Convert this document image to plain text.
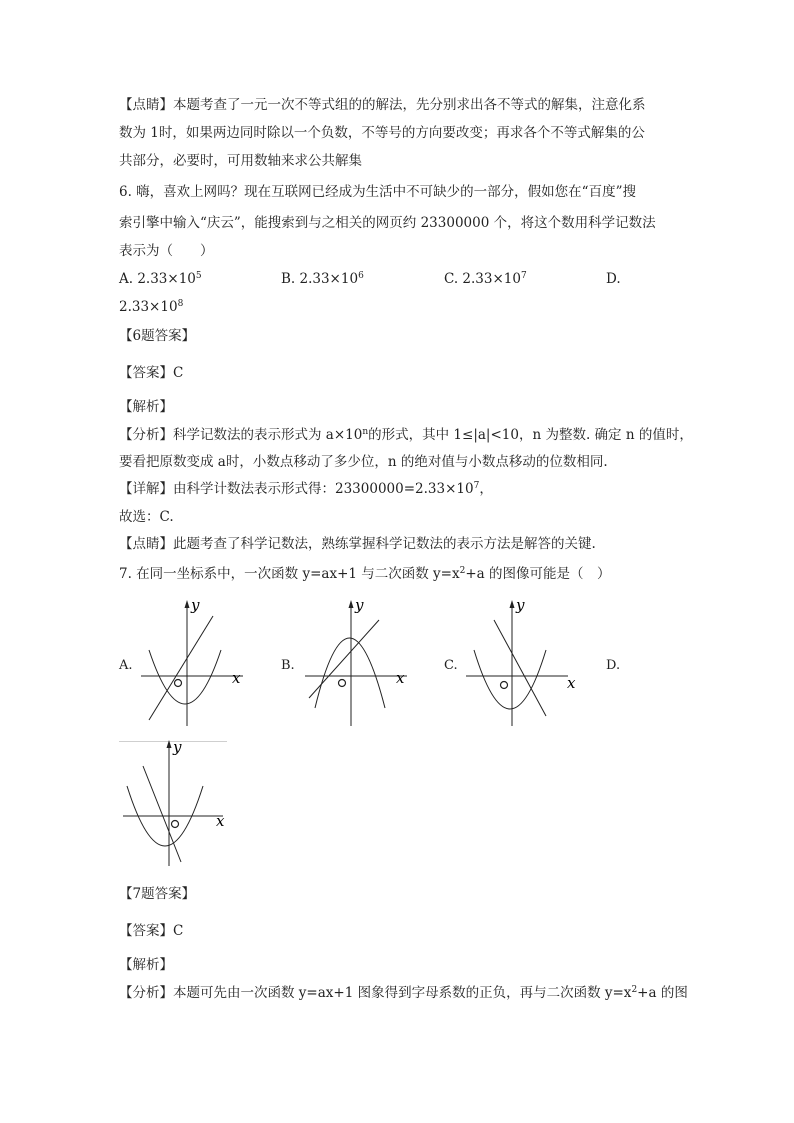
【点睛】本题考查了一元一次不等式组的的解法，先分别求出各不等式的解集，注意化系
数为 1时，如果两边同时除以一个负数，不等号的方向要改变；再求各个不等式解集的公
共部分，必要时，可用数轴来求公共解集
6. 嗨，喜欢上网吗？现在互联网已经成为生活中不可缺少的一部分，假如您在“百度”搜
索引擎中输入“庆云”，能搜索到与之相关的网页约 23300000 个，将这个数用科学记数法
表示为（　　）
A. $2.33\times 10^5$	B. $2.33\times 10^6$	C. $2.33\times 10^7$	D.
$2.33\times 10^8$
【6题答案】
【答案】C
【解析】
【分析】科学记数法的表示形式为 $a\times 10^n$的形式，其中 1≤|a|<10，n 为整数. 确定 n 的值时，
要看把原数变成 a时，小数点移动了多少位，n 的绝对值与小数点移动的位数相同.
【详解】由科学计数法表示形式得：$23300000=2.33\times 10^7$，
故选：C.
【点睛】此题考查了科学记数法，熟练掌握科学记数法的表示方法是解答的关键.
7. 在同一坐标系中，一次函数 y=ax+1 与二次函数 $y=x^2+a$ 的图像可能是（　）
A.	B.	C.	D.
y
x
y
x
y
x
y
x
【7题答案】
【答案】C
【解析】
【分析】本题可先由一次函数 y=ax+1 图象得到字母系数的正负，再与二次函数 $y=x^2+a$ 的图
